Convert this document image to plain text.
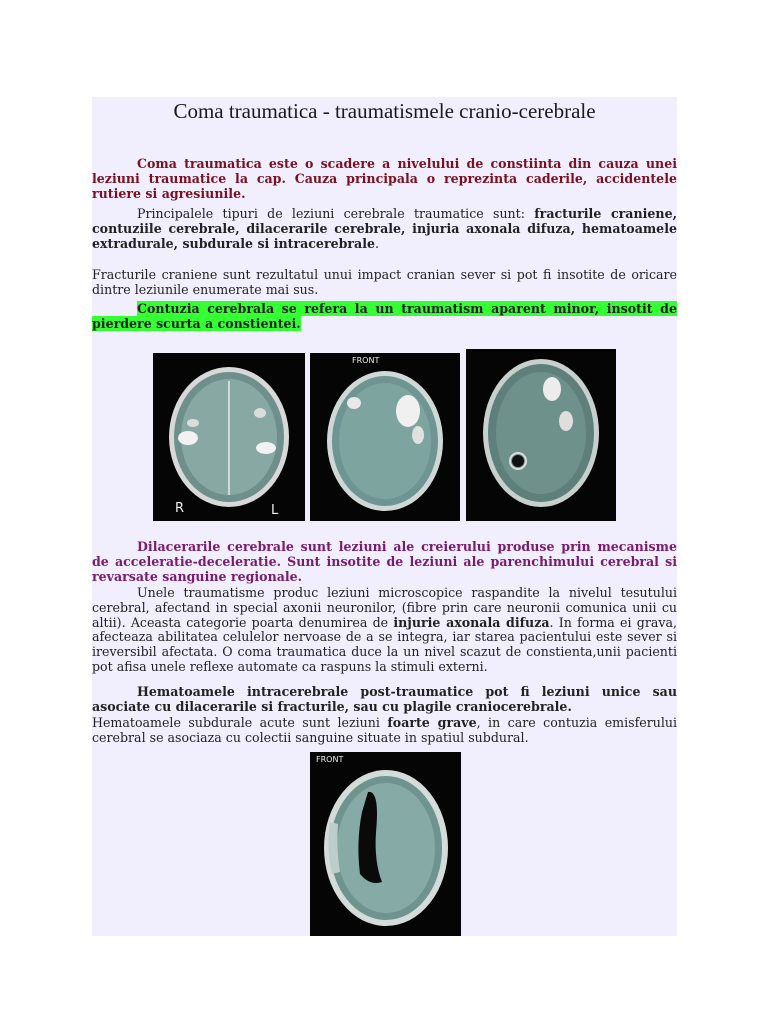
Coma traumatica - traumatismele cranio-cerebrale
Coma traumatica este o scadere a nivelului de constiinta din cauza unei leziuni traumatice la cap. Cauza principala o reprezinta caderile, accidentele rutiere si agresiunile.
Principalele tipuri de leziuni cerebrale traumatice sunt: fracturile craniene, contuziile cerebrale, dilacerarile cerebrale, injuria axonala difuza, hematoamele extradurale, subdurale si intracerebrale.
Fracturile craniene sunt rezultatul unui impact cranian sever si pot fi insotite de oricare dintre leziunile enumerate mai sus.
Contuzia cerebrala se refera la un traumatism aparent minor, insotit de pierdere scurta a constientei.
R	L
FRONT
Dilacerarile cerebrale sunt leziuni ale creierului produse prin mecanisme de acceleratie-deceleratie. Sunt insotite de leziuni ale parenchimului cerebral si revarsate sanguine regionale.
Unele traumatisme produc leziuni microscopice raspandite la nivelul tesutului cerebral, afectand in special axonii neuronilor, (fibre prin care neuronii comunica unii cu altii). Aceasta categorie poarta denumirea de injurie axonala difuza. In forma ei grava, afecteaza abilitatea celulelor nervoase de a se integra, iar starea pacientului este sever si ireversibil afectata. O coma traumatica duce la un nivel scazut de constienta,unii pacienti pot afisa unele reflexe automate ca raspuns la stimuli externi.
Hematoamele intracerebrale post-traumatice pot fi leziuni unice sau asociate cu dilacerarile si fracturile, sau cu plagile craniocerebrale.
Hematoamele subdurale acute sunt leziuni foarte grave, in care contuzia emisferului cerebral se asociaza cu colectii sanguine situate in spatiul subdural.
FRONT
